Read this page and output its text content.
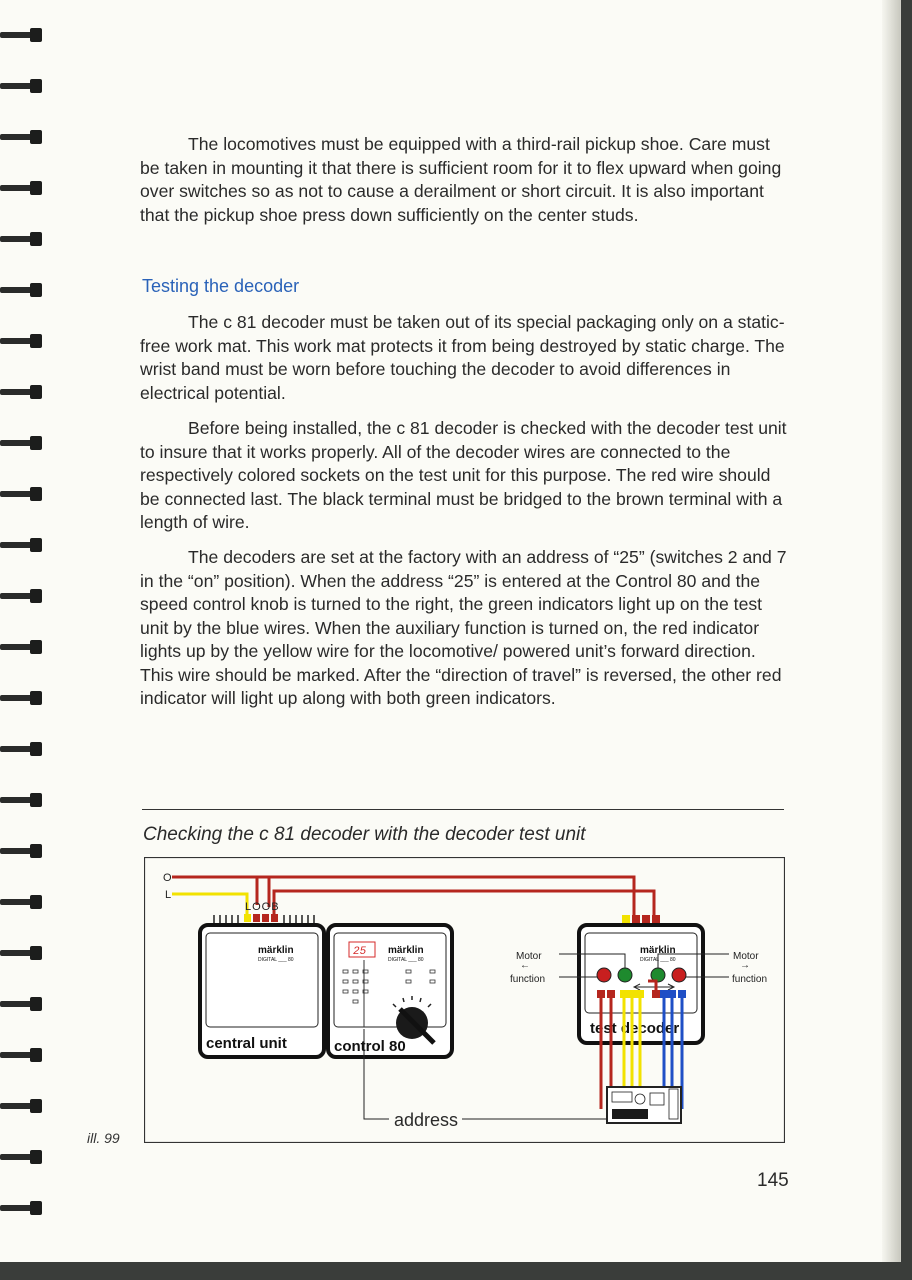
The locomotives must be equipped with a third-rail pickup shoe. Care must be taken in mounting it that there is sufficient room for it to flex upward when going over switches so as not to cause a derailment or short circuit. It is also important that the pickup shoe press down sufficiently on the center studs.

Testing the decoder

The c 81 decoder must be taken out of its special packaging only on a static-free work mat. This work mat protects it from being destroyed by static charge. The wrist band must be worn before touching the decoder to avoid differences in electrical potential.

Before being installed, the c 81 decoder is checked with the decoder test unit to insure that it works properly. All of the decoder wires are connected to the respectively colored sockets on the test unit for this purpose. The red wire should be connected last. The black terminal must be bridged to the brown terminal with a length of wire.

The decoders are set at the factory with an address of “25” (switches 2 and 7 in the “on” position). When the address “25” is entered at the Control 80 and the speed control knob is turned to the right, the green indicators light up on the test unit by the blue wires. When the auxiliary function is turned on, the red indicator lights up by the yellow wire for the locomotive/ powered unit’s forward direction. This wire should be marked. After the “direction of travel” is reversed, the other red indicator will light up along with both green indicators.

Checking the c 81 decoder with the decoder test unit
O
L
LOOB
märklin
DIGITAL ___ 80
central unit
25 märklin
DIGITAL ___ 80
control 80
märklin
DIGITAL ___ 80
test decoder
Motor
←
function
Motor
→
function
address
ill. 99
145
